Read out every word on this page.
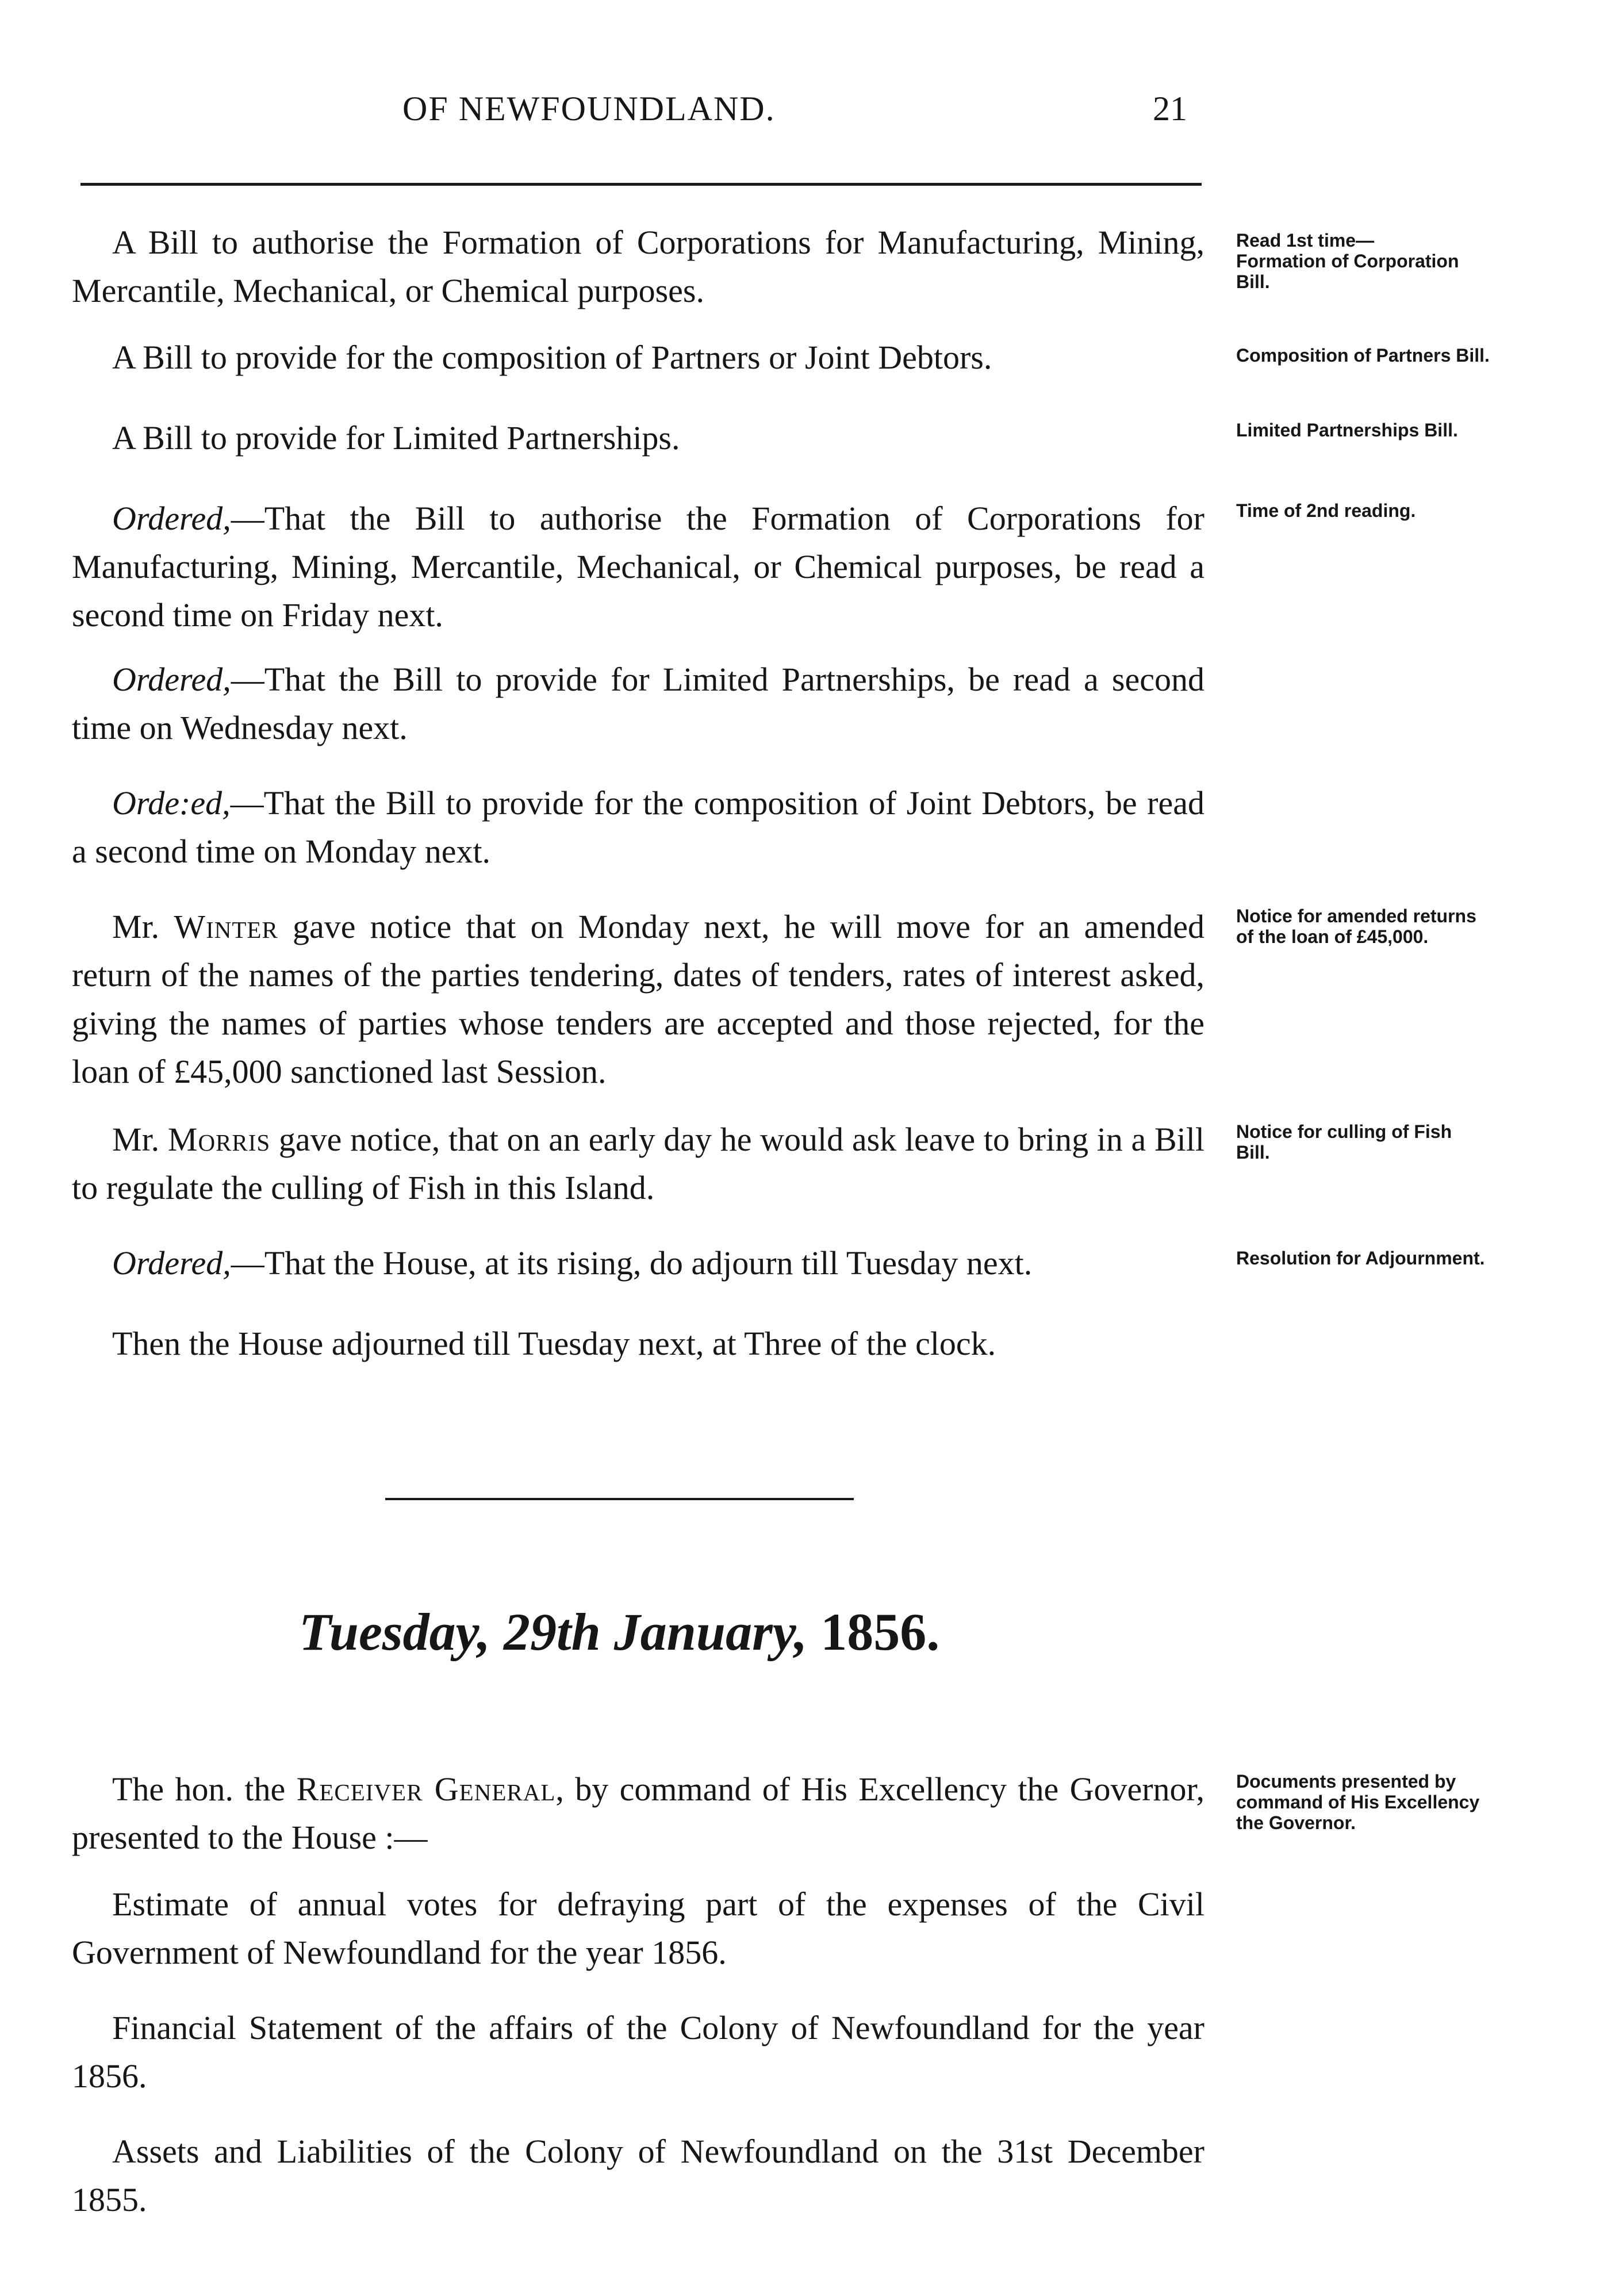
OF NEWFOUNDLAND.	21

A Bill to authorise the Formation of Corporations for Manufacturing, Mining, Mercantile, Mechanical, or Chemical purposes.

A Bill to provide for the composition of Partners or Joint Debtors.

A Bill to provide for Limited Partnerships.

Ordered,—That the Bill to authorise the Formation of Corporations for Manufacturing, Mining, Mercantile, Mechanical, or Chemical purposes, be read a second time on Friday next.

Ordered,—That the Bill to provide for Limited Partnerships, be read a second time on Wednesday next.

Orde:ed,—That the Bill to provide for the composition of Joint Debtors, be read a second time on Monday next.

Mr. Winter gave notice that on Monday next, he will move for an amended return of the names of the parties tendering, dates of tenders, rates of interest asked, giving the names of parties whose tenders are accepted and those rejected, for the loan of £45,000 sanctioned last Session.

Mr. Morris gave notice, that on an early day he would ask leave to bring in a Bill to regulate the culling of Fish in this Island.

Ordered,—That the House, at its rising, do adjourn till Tuesday next.

Then the House adjourned till Tuesday next, at Three of the clock.

Tuesday, 29th January, 1856.

The hon. the Receiver General, by command of His Excellency the Governor, presented to the House :—

Estimate of annual votes for defraying part of the expenses of the Civil Government of Newfoundland for the year 1856.

Financial Statement of the affairs of the Colony of Newfoundland for the year 1856.

Assets and Liabilities of the Colony of Newfoundland on the 31st December 1855.

Read 1st time—
Formation of Corporation
Bill.
Composition of Partners Bill.
Limited Partnerships Bill.
Time of 2nd reading.
Notice for amended returns
of the loan of £45,000.
Notice for culling of Fish
Bill.
Resolution for Adjournment.
Documents presented by
command of His Excellency
the Governor.
